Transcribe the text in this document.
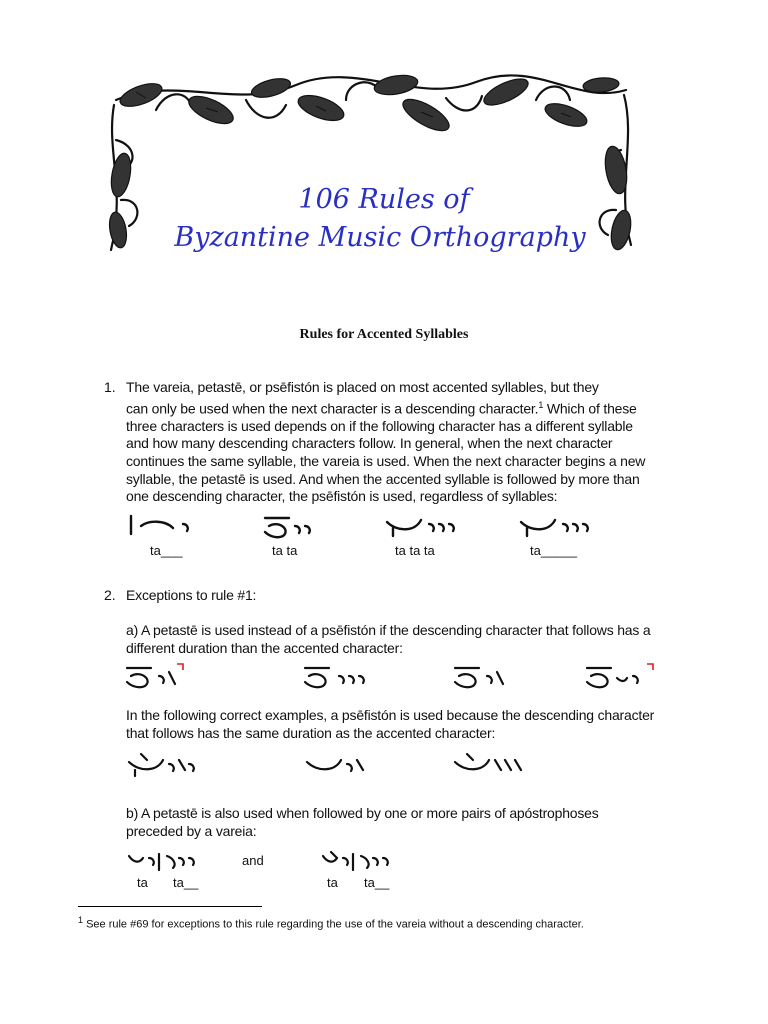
106 Rules of
Byzantine Music Orthography
Rules for Accented Syllables
1. The vareia, petastē, or psēfistón is placed on most accented syllables, but they
can only be used when the next character is a descending character.$^1$ Which of these
three characters is used depends on if the following character has a different syllable
and how many descending characters follow. In general, when the next character
continues the same syllable, the vareia is used. When the next character begins a new
syllable, the petastē is used. And when the accented syllable is followed by more than
one descending character, the psēfistón is used, regardless of syllables:
ta___	ta ta	ta ta ta	ta_____
2. Exceptions to rule #1:
a) A petastē is used instead of a psēfistón if the descending character that follows has a
different duration than the accented character:
In the following correct examples, a psēfistón is used because the descending character
that follows has the same duration as the accented character:
b) A petastē is also used when followed by one or more pairs of apóstrophoses
preceded by a vareia:
and
ta ta__	ta ta__
$^1$ See rule #69 for exceptions to this rule regarding the use of the vareia without a descending character.
